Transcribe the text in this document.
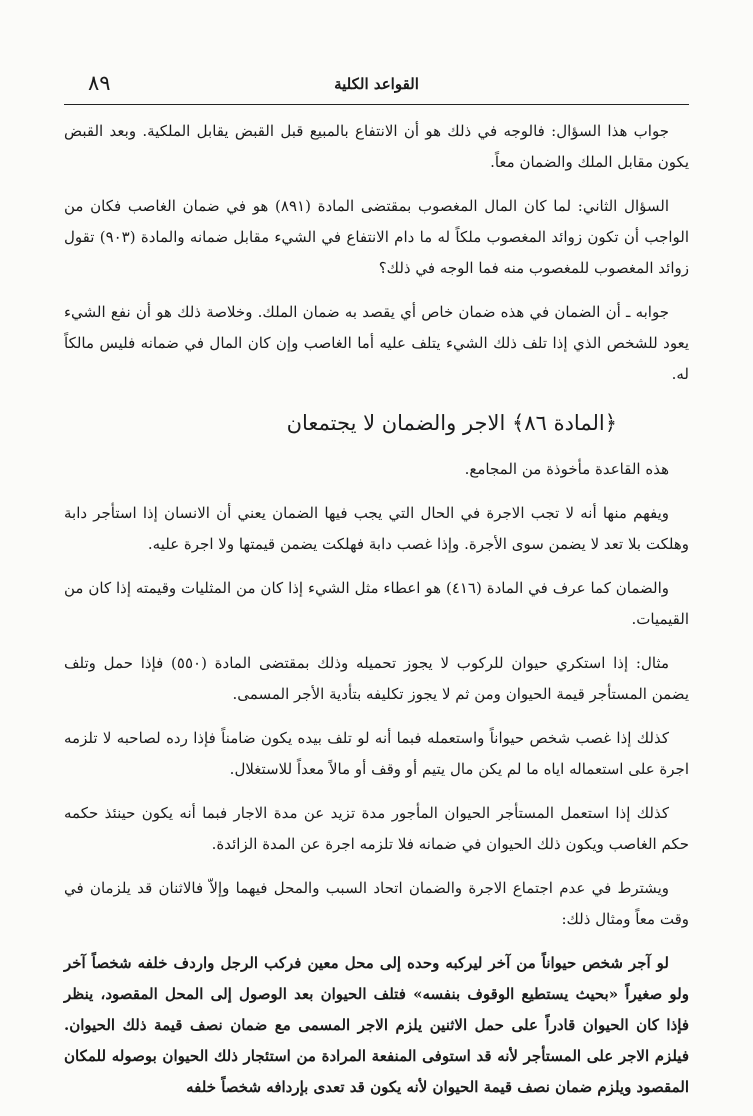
٨٩	القواعد الكلية

جواب هذا السؤال: فالوجه في ذلك هو أن الانتفاع بالمبيع قبل القبض يقابل الملكية. وبعد القبض يكون مقابل الملك والضمان معاً.

السؤال الثاني: لما كان المال المغصوب بمقتضى المادة (٨٩١) هو في ضمان الغاصب فكان من الواجب أن تكون زوائد المغصوب ملكاً له ما دام الانتفاع في الشيء مقابل ضمانه والمادة (٩٠٣) تقول زوائد المغصوب للمغصوب منه فما الوجه في ذلك؟

جوابه ـ أن الضمان في هذه ضمان خاص أي يقصد به ضمان الملك. وخلاصة ذلك هو أن نفع الشيء يعود للشخص الذي إذا تلف ذلك الشيء يتلف عليه أما الغاصب وإن كان المال في ضمانه فليس مالكاً له.

﴿المادة ٨٦﴾ الاجر والضمان لا يجتمعان

هذه القاعدة مأخوذة من المجامع.

ويفهم منها أنه لا تجب الاجرة في الحال التي يجب فيها الضمان يعني أن الانسان إذا استأجر دابة وهلكت بلا تعد لا يضمن سوى الأجرة. وإذا غصب دابة فهلكت يضمن قيمتها ولا اجرة عليه.

والضمان كما عرف في المادة (٤١٦) هو اعطاء مثل الشيء إذا كان من المثليات وقيمته إذا كان من القيميات.

مثال: إذا استكري حيوان للركوب لا يجوز تحميله وذلك بمقتضى المادة (٥٥٠) فإذا حمل وتلف يضمن المستأجر قيمة الحيوان ومن ثم لا يجوز تكليفه بتأدية الأجر المسمى.

كذلك إذا غصب شخص حيواناً واستعمله فبما أنه لو تلف بيده يكون ضامناً فإذا رده لصاحبه لا تلزمه اجرة على استعماله اياه ما لم يكن مال يتيم أو وقف أو مالاً معداً للاستغلال.

كذلك إذا استعمل المستأجر الحيوان المأجور مدة تزيد عن مدة الاجار فبما أنه يكون حينئذ حكمه حكم الغاصب ويكون ذلك الحيوان في ضمانه فلا تلزمه اجرة عن المدة الزائدة.

ويشترط في عدم اجتماع الاجرة والضمان اتحاد السبب والمحل فيهما وإلاّ فالاثنان قد يلزمان في وقت معاً ومثال ذلك:

لو آجر شخص حيواناً من آخر ليركبه وحده إلى محل معين فركب الرجل واردف خلفه شخصاً آخر ولو صغيراً «بحيث يستطيع الوقوف بنفسه» فتلف الحيوان بعد الوصول إلى المحل المقصود، ينظر فإذا كان الحيوان قادراً على حمل الاثنين يلزم الاجر المسمى مع ضمان نصف قيمة ذلك الحيوان. فيلزم الاجر على المستأجر لأنه قد استوفى المنفعة المرادة من استئجار ذلك الحيوان بوصوله للمكان المقصود ويلزم ضمان نصف قيمة الحيوان لأنه يكون قد تعدى بإردافه شخصاً خلفه
